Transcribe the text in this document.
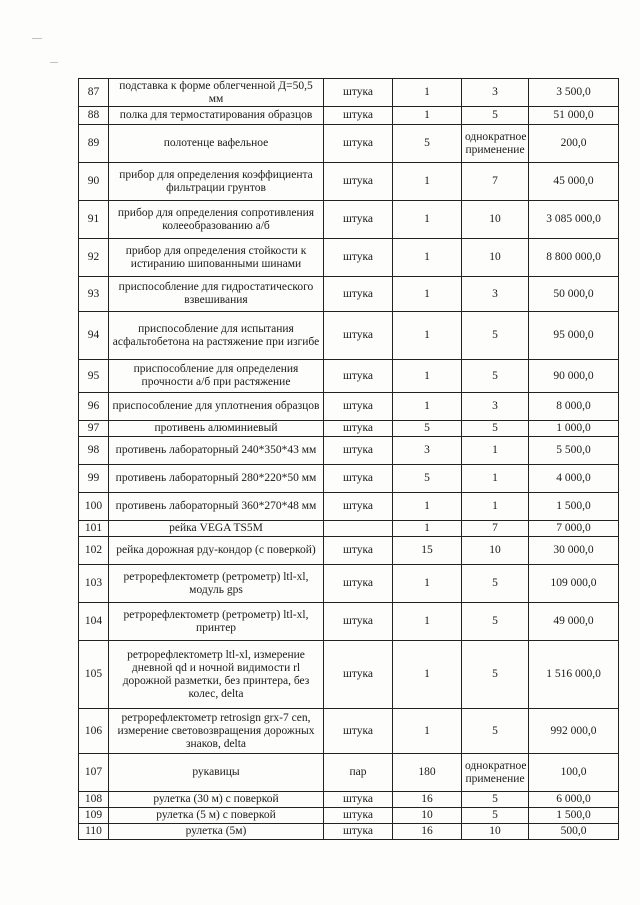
87	подставка к форме облегченной Д=50,5 мм	штука	1	3	3 500,0
88	полка для термостатирования образцов	штука	1	5	51 000,0
89	полотенце вафельное	штука	5	однократное применение	200,0
90	прибор для определения коэффициента фильтрации грунтов	штука	1	7	45 000,0
91	прибор для определения сопротивления колееобразованию а/б	штука	1	10	3 085 000,0
92	прибор для определения стойкости к истиранию шипованными шинами	штука	1	10	8 800 000,0
93	приспособление для гидростатического взвешивания	штука	1	3	50 000,0
94	приспособление для испытания асфальтобетона на растяжение при изгибе	штука	1	5	95 000,0
95	приспособление для определения прочности а/б при растяжение	штука	1	5	90 000,0
96	приспособление для уплотнения образцов	штука	1	3	8 000,0
97	противень алюминиевый	штука	5	5	1 000,0
98	противень лабораторный 240*350*43 мм	штука	3	1	5 500,0
99	противень лабораторный 280*220*50 мм	штука	5	1	4 000,0
100	противень лабораторный 360*270*48 мм	штука	1	1	1 500,0
101	рейка VEGA TS5M		1	7	7 000,0
102	рейка дорожная рду-кондор (с поверкой)	штука	15	10	30 000,0
103	ретрорефлектометр (ретрометр) ltl-xl, модуль gps	штука	1	5	109 000,0
104	ретрорефлектометр (ретрометр) ltl-xl, принтер	штука	1	5	49 000,0
105	ретрорефлектометр ltl-xl, измерение дневной qd и ночной видимости rl дорожной разметки, без принтера, без колес, delta	штука	1	5	1 516 000,0
106	ретрорефлектометр retrosign grx-7 cen, измерение световозвращения дорожных знаков, delta	штука	1	5	992 000,0
107	рукавицы	пар	180	однократное применение	100,0
108	рулетка (30 м) с поверкой	штука	16	5	6 000,0
109	рулетка (5 м) с поверкой	штука	10	5	1 500,0
110	рулетка (5м)	штука	16	10	500,0
